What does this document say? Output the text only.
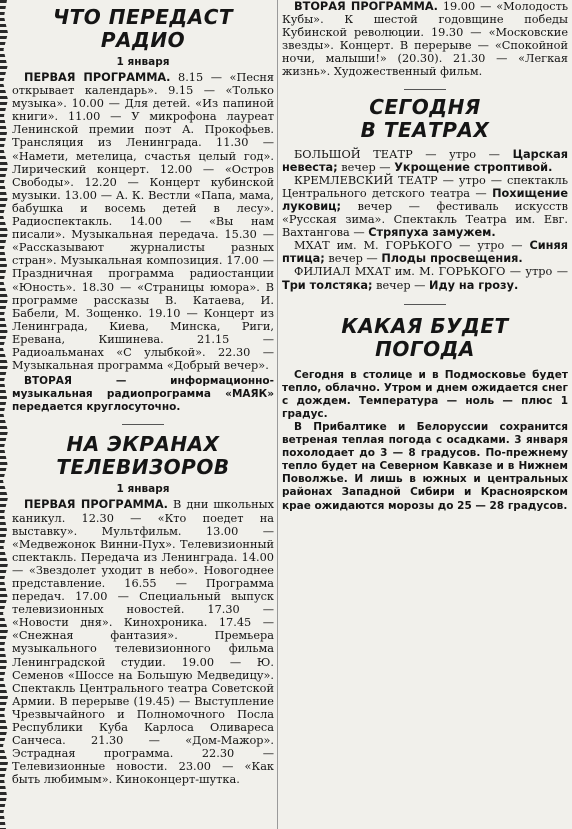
ЧТО ПЕРЕДАСТ
РАДИО
1 января

ПЕРВАЯ ПРОГРАММА. 8.15 — «Песня открывает календарь». 9.15 — «Только музыка». 10.00 — Для детей. «Из папиной книги». 11.00 — У микрофона лауреат Ленинской премии поэт А. Прокофьев. Трансляция из Ленинграда. 11.30 — «Намети, метелица, счастья целый год». Лирический концерт. 12.00 — «Остров Свободы». 12.20 — Концерт кубинской музыки. 13.00 — А. К. Вестли «Папа, мама, бабушка и восемь детей в лесу». Радиоспектакль. 14.00 — «Вы нам писали». Музыкальная передача. 15.30 — «Рассказывают журналисты разных стран». Музыкальная композиция. 17.00 — Праздничная программа радиостанции «Юность». 18.30 — «Страницы юмора». В программе рассказы В. Катаева, И. Бабели, М. Зощенко. 19.10 — Концерт из Ленинграда, Киева, Минска, Риги, Еревана, Кишинева. 21.15 — Радиоальманах «С улыбкой». 22.30 — Музыкальная программа «Добрый вечер».

ВТОРАЯ	— информационно-музыкальная радиопрограмма «МАЯК» передается круглосуточно.

НА ЭКРАНАХ
ТЕЛЕВИЗОРОВ
1 января

ПЕРВАЯ ПРОГРАММА. В дни школьных каникул. 12.30 — «Кто поедет на выставку». Мультфильм. 13.00 — «Медвежонок Винни-Пух». Телевизионный спектакль. Передача из Ленинграда. 14.00 — «Звездолет уходит в небо». Новогоднее представление. 16.55 — Программа передач. 17.00 — Специальный выпуск телевизионных новостей. 17.30 — «Новости дня». Кинохроника. 17.45 — «Снежная фантазия». Премьера музыкального телевизионного фильма Ленинградской студии. 19.00 — Ю. Семенов «Шоссе на Большую Медведицу». Спектакль Центрального театра Советской Армии. В перерыве (19.45) — Выступление Чрезвычайного и Полномочного Посла Республики Куба Карлоса Оливареса Санчеса. 21.30 — «Дом-Мажор». Эстрадная программа. 22.30 — Телевизионные новости. 23.00 — «Как быть любимым». Киноконцерт-шутка.

ВТОРАЯ ПРОГРАММА. 19.00 — «Молодость Кубы». К шестой годовщине победы Кубинской революции. 19.30 — «Московские звезды». Концерт. В перерыве — «Спокойной ночи, малыши!» (20.30). 21.30 — «Легкая жизнь». Художественный фильм.

СЕГОДНЯ
В ТЕАТРАХ

БОЛЬШОЙ ТЕАТР — утро — Царская невеста; вечер — Укрощение строптивой.

КРЕМЛЕВСКИЙ ТЕАТР — утро — спектакль Центрального детского театра — Похищение луковиц; вечер — фестиваль искусств «Русская зима». Спектакль Театра им. Евг. Вахтангова — Стряпуха замужем.

МХАТ им. М. ГОРЬКОГО — утро — Синяя птица; вечер — Плоды просвещения.

ФИЛИАЛ МХАТ им. М. ГОРЬКОГО — утро — Три толстяка; вечер — Иду на грозу.

КАКАЯ БУДЕТ
ПОГОДА

Сегодня в столице и в Подмосковье будет тепло, облачно. Утром и днем ожидается снег с дождем. Температура — ноль — плюс 1 градус.

В Прибалтике и Белоруссии сохранится ветреная теплая погода с осадками. 3 января похолодает до 3 — 8 градусов. По-прежнему тепло будет на Северном Кавказе и в Нижнем Поволжье. И лишь в южных и центральных районах Западной Сибири и Красноярском крае ожидаются морозы до 25 — 28 градусов.
